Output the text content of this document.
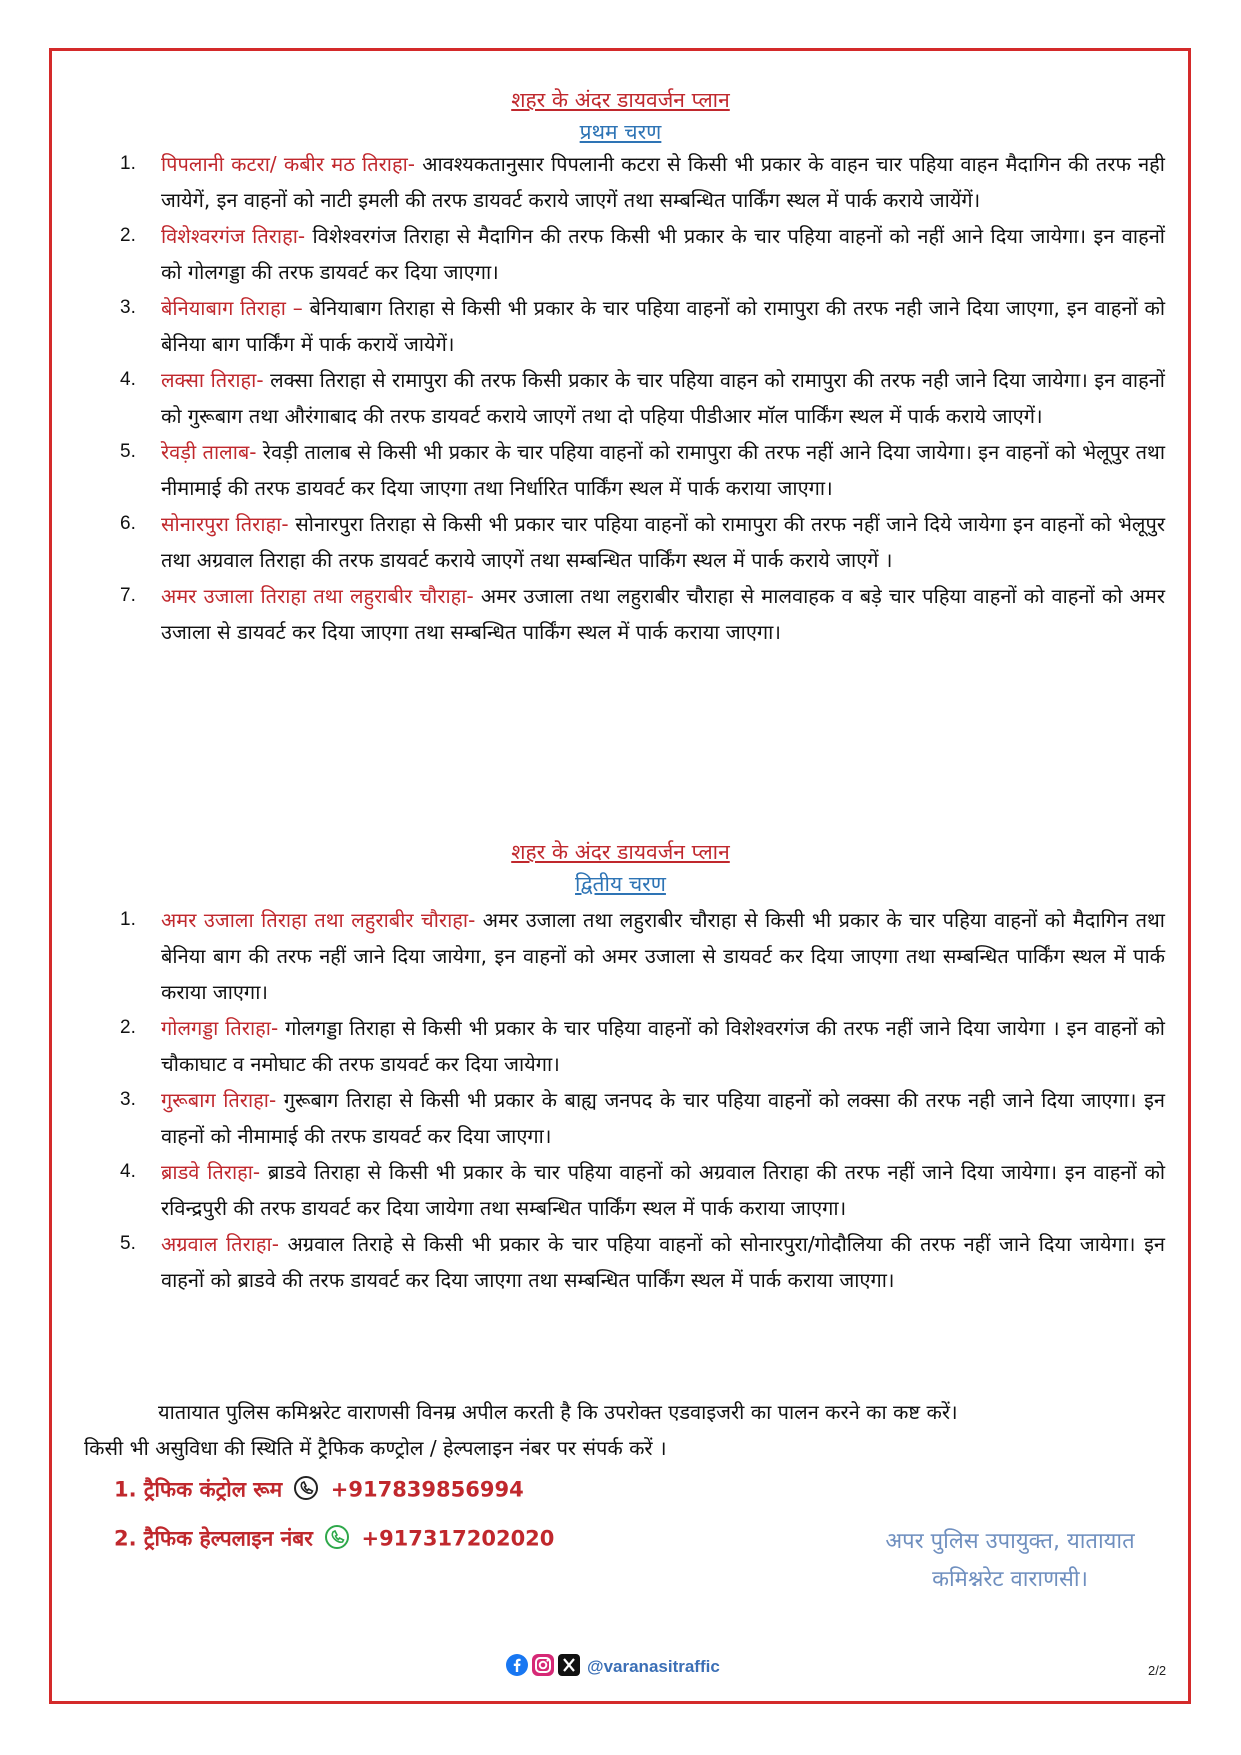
शहर के अंदर डायवर्जन प्लान
प्रथम चरण
1.	पिपलानी कटरा/ कबीर मठ तिराहा- आवश्यकतानुसार पिपलानी कटरा से किसी भी प्रकार के वाहन चार पहिया वाहन मैदागिन की तरफ नही जायेगें, इन वाहनों को नाटी इमली की तरफ डायवर्ट कराये जाएगें तथा सम्बन्धित पार्किंग स्थल में पार्क कराये जायेंगें।
2.	विशेश्वरगंज तिराहा- विशेश्वरगंज तिराहा से मैदागिन की तरफ किसी भी प्रकार के चार पहिया वाहनों को नहीं आने दिया जायेगा। इन वाहनों को गोलगड्डा की तरफ डायवर्ट कर दिया जाएगा।
3.	बेनियाबाग तिराहा – बेनियाबाग तिराहा से किसी भी प्रकार के चार पहिया वाहनों को रामापुरा की तरफ नही जाने दिया जाएगा, इन वाहनों को बेनिया बाग पार्किंग में पार्क करायें जायेगें।
4.	लक्सा तिराहा- लक्सा तिराहा से रामापुरा की तरफ किसी प्रकार के चार पहिया वाहन को रामापुरा की तरफ नही जाने दिया जायेगा। इन वाहनों को गुरूबाग तथा औरंगाबाद की तरफ डायवर्ट कराये जाएगें तथा दो पहिया पीडीआर मॉल पार्किंग स्थल में पार्क कराये जाएगें।
5.	रेवड़ी तालाब- रेवड़ी तालाब से किसी भी प्रकार के चार पहिया वाहनों को रामापुरा की तरफ नहीं आने दिया जायेगा। इन वाहनों को भेलूपुर तथा नीमामाई की तरफ डायवर्ट कर दिया जाएगा तथा निर्धारित पार्किंग स्थल में पार्क कराया जाएगा।
6.	सोनारपुरा तिराहा- सोनारपुरा तिराहा से किसी भी प्रकार चार पहिया वाहनों को रामापुरा की तरफ नहीं जाने दिये जायेगा इन वाहनों को भेलूपुर तथा अग्रवाल तिराहा की तरफ डायवर्ट कराये जाएगें तथा सम्बन्धित पार्किंग स्थल में पार्क कराये जाएगें ।
7.	अमर उजाला तिराहा तथा लहुराबीर चौराहा- अमर उजाला तथा लहुराबीर चौराहा से मालवाहक व बड़े चार पहिया वाहनों को वाहनों को अमर उजाला से डायवर्ट कर दिया जाएगा तथा सम्बन्धित पार्किंग स्थल में पार्क कराया जाएगा।
शहर के अंदर डायवर्जन प्लान
द्वितीय चरण
1.	अमर उजाला तिराहा तथा लहुराबीर चौराहा- अमर उजाला तथा लहुराबीर चौराहा से किसी भी प्रकार के चार पहिया वाहनों को मैदागिन तथा बेनिया बाग की तरफ नहीं जाने दिया जायेगा, इन वाहनों को अमर उजाला से डायवर्ट कर दिया जाएगा तथा सम्बन्धित पार्किंग स्थल में पार्क कराया जाएगा।
2.	गोलगड्डा तिराहा- गोलगड्डा तिराहा से किसी भी प्रकार के चार पहिया वाहनों को विशेश्वरगंज की तरफ नहीं जाने दिया जायेगा । इन वाहनों को चौकाघाट व नमोघाट की तरफ डायवर्ट कर दिया जायेगा।
3.	गुरूबाग तिराहा- गुरूबाग तिराहा से किसी भी प्रकार के बाह्य जनपद के चार पहिया वाहनों को लक्सा की तरफ नही जाने दिया जाएगा। इन वाहनों को नीमामाई की तरफ डायवर्ट कर दिया जाएगा।
4.	ब्राडवे तिराहा- ब्राडवे तिराहा से किसी भी प्रकार के चार पहिया वाहनों को अग्रवाल तिराहा की तरफ नहीं जाने दिया जायेगा। इन वाहनों को रविन्द्रपुरी की तरफ डायवर्ट कर दिया जायेगा तथा सम्बन्धित पार्किंग स्थल में पार्क कराया जाएगा।
5.	अग्रवाल तिराहा- अग्रवाल तिराहे से किसी भी प्रकार के चार पहिया वाहनों को सोनारपुरा/गोदौलिया की तरफ नहीं जाने दिया जायेगा। इन वाहनों को ब्राडवे की तरफ डायवर्ट कर दिया जाएगा तथा सम्बन्धित पार्किंग स्थल में पार्क कराया जाएगा।
यातायात पुलिस कमिश्नरेट वाराणसी विनम्र अपील करती है कि उपरोक्त एडवाइजरी का पालन करने का कष्ट करें।
किसी भी असुविधा की स्थिति में ट्रैफिक कण्ट्रोल / हेल्पलाइन नंबर पर संपर्क करें ।
1. ट्रैफिक कंट्रोल रूम +917839856994
2. ट्रैफिक हेल्पलाइन नंबर +917317202020	अपर पुलिस उपायुक्त, यातायात
कमिश्नरेट वाराणसी।
@varanasitraffic	2/2
